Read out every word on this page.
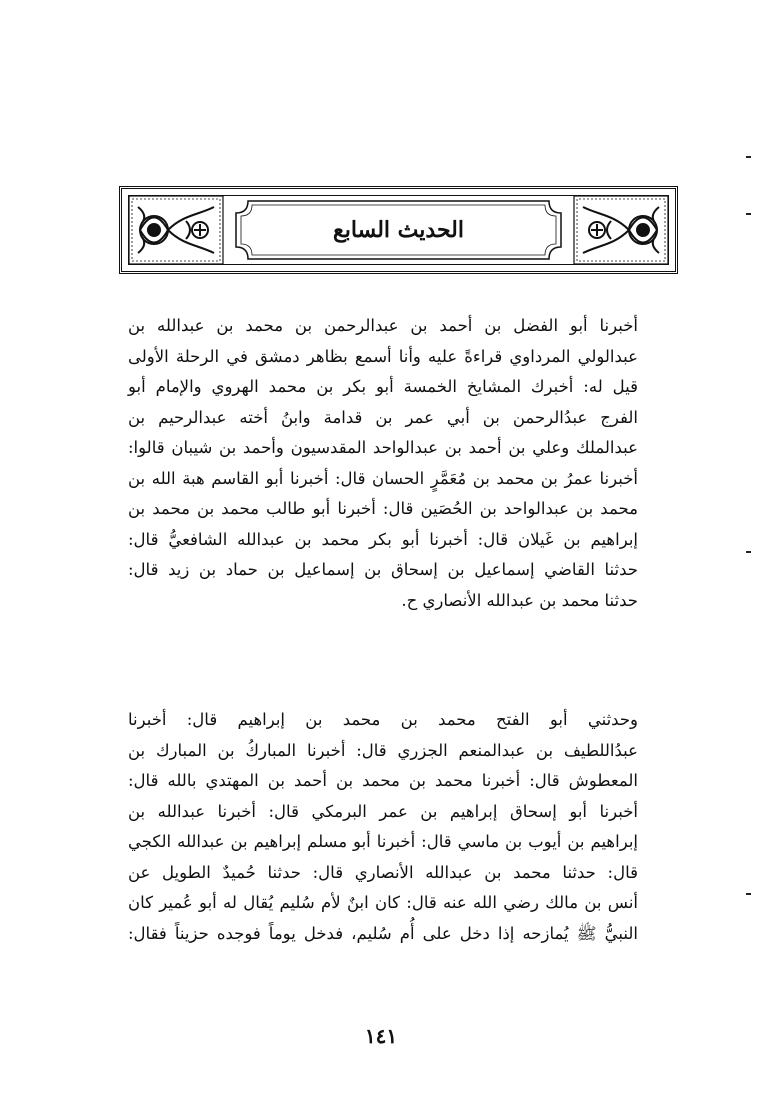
الحديث السابع
أخبرنا أبو الفضل بن أحمد بن عبدالرحمن بن محمد بن عبدالله بن
عبدالولي المرداوي قراءةً عليه وأنا أسمع بظاهر دمشق في الرحلة الأولى
قيل له: أخبرك المشايخ الخمسة أبو بكر بن محمد الهروي والإمام أبو
الفرج عبدُالرحمن بن أبي عمر بن قدامة وابنُ أخته عبدالرحيم بن
عبدالملك وعلي بن أحمد بن عبدالواحد المقدسيون وأحمد بن شيبان قالوا:
أخبرنا عمرُ بن محمد بن مُعَمَّرٍ الحسان قال: أخبرنا أبو القاسم هبة الله بن
محمد بن عبدالواحد بن الحُصَين قال: أخبرنا أبو طالب محمد بن محمد بن
إبراهيم بن غَيلان قال: أخبرنا أبو بكر محمد بن عبدالله الشافعيُّ قال:
حدثنا القاضي إسماعيل بن إسحاق بن إسماعيل بن حماد بن زيد قال:
حدثنا محمد بن عبدالله الأنصاري ح.
وحدثني أبو الفتح محمد بن محمد بن إبراهيم قال: أخبرنا
عبدُاللطيف بن عبدالمنعم الجزري قال: أخبرنا المباركُ بن المبارك بن
المعطوش قال: أخبرنا محمد بن محمد بن أحمد بن المهتدي بالله قال:
أخبرنا أبو إسحاق إبراهيم بن عمر البرمكي قال: أخبرنا عبدالله بن
إبراهيم بن أيوب بن ماسي قال: أخبرنا أبو مسلم إبراهيم بن عبدالله الكجي
قال: حدثنا محمد بن عبدالله الأنصاري قال: حدثنا حُميدٌ الطويل عن
أنس بن مالك رضي الله عنه قال: كان ابنٌ لأم سُليم يُقال له أبو عُمير كان
النبيُّ ﷺ يُمازحه إذا دخل على أُم سُليم، فدخل يوماً فوجده حزيناً فقال:
١٤١
